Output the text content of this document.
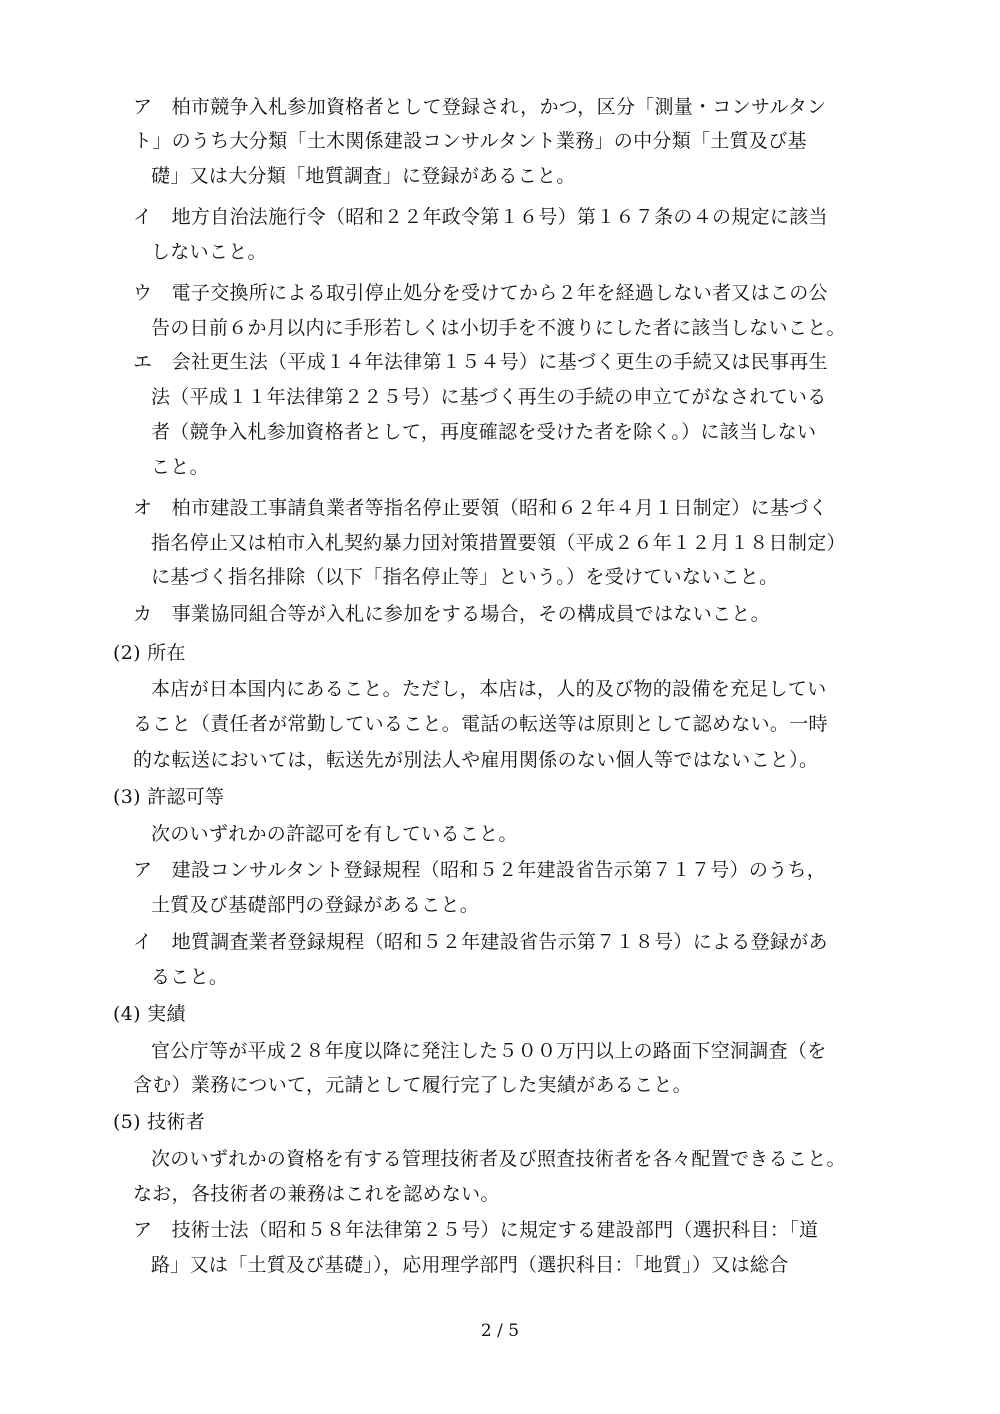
ア　柏市競争入札参加資格者として登録され，かつ，区分「測量・コンサルタン
ト」のうち大分類「土木関係建設コンサルタント業務」の中分類「土質及び基
礎」又は大分類「地質調査」に登録があること。
イ　地方自治法施行令（昭和２２年政令第１６号）第１６７条の４の規定に該当
しないこと。
ウ　電子交換所による取引停止処分を受けてから２年を経過しない者又はこの公
告の日前６か月以内に手形若しくは小切手を不渡りにした者に該当しないこと。
エ　会社更生法（平成１４年法律第１５４号）に基づく更生の手続又は民事再生
法（平成１１年法律第２２５号）に基づく再生の手続の申立てがなされている
者（競争入札参加資格者として，再度確認を受けた者を除く。）に該当しない
こと。
オ　柏市建設工事請負業者等指名停止要領（昭和６２年４月１日制定）に基づく
指名停止又は柏市入札契約暴力団対策措置要領（平成２６年１２月１８日制定）
に基づく指名排除（以下「指名停止等」という。）を受けていないこと。
カ　事業協同組合等が入札に参加をする場合，その構成員ではないこと。
(2) 所在
本店が日本国内にあること。ただし，本店は，人的及び物的設備を充足してい
ること（責任者が常勤していること。電話の転送等は原則として認めない。一時
的な転送においては，転送先が別法人や雇用関係のない個人等ではないこと）。
(3) 許認可等
次のいずれかの許認可を有していること。
ア　建設コンサルタント登録規程（昭和５２年建設省告示第７１７号）のうち，
土質及び基礎部門の登録があること。
イ　地質調査業者登録規程（昭和５２年建設省告示第７１８号）による登録があ
ること。
(4) 実績
官公庁等が平成２８年度以降に発注した５００万円以上の路面下空洞調査（を
含む）業務について，元請として履行完了した実績があること。
(5) 技術者
次のいずれかの資格を有する管理技術者及び照査技術者を各々配置できること。
なお，各技術者の兼務はこれを認めない。
ア　技術士法（昭和５８年法律第２５号）に規定する建設部門（選択科目：「道
路」又は「土質及び基礎」），応用理学部門（選択科目：「地質」）又は総合
2 / 5
